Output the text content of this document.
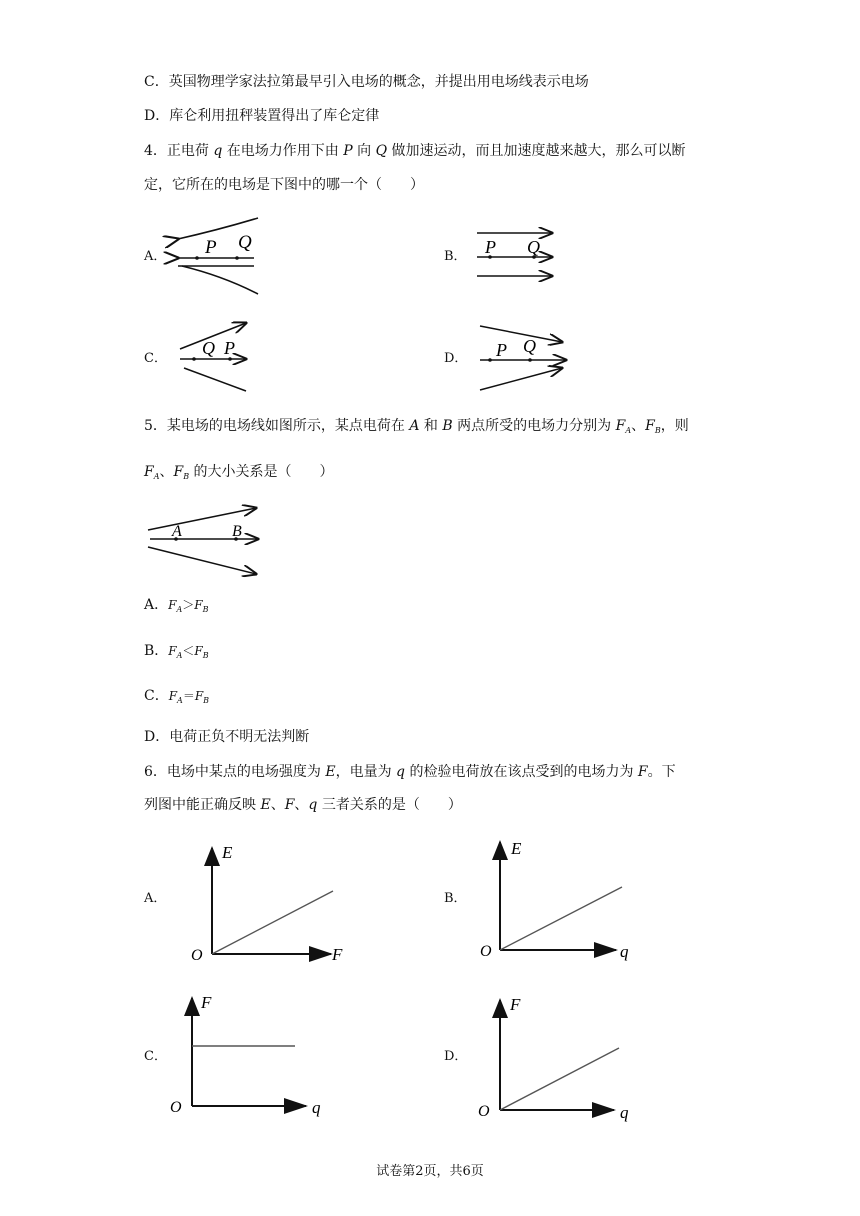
C．英国物理学家法拉第最早引入电场的概念，并提出用电场线表示电场
D．库仑利用扭秤装置得出了库仑定律
4．正电荷 q 在电场力作用下由 P 向 Q 做加速运动，而且加速度越来越大，那么可以断
定，它所在的电场是下图中的哪一个（　　）
A．	B．
C．	D．
P Q	P Q
Q P	P Q
5．某电场的电场线如图所示，某点电荷在 A 和 B 两点所受的电场力分别为 $F_A$、$F_B$，则
$F_A$、$F_B$ 的大小关系是（　　）
A	B
A．$F_A>F_B$
B．$F_A<F_B$
C．$F_A=F_B$
D．电荷正负不明无法判断
6．电场中某点的电场强度为 E，电量为 q 的检验电荷放在该点受到的电场力为 F。下
列图中能正确反映 E、F、q 三者关系的是（　　）
A．	B．
C．	D．
E
F
O
E
q
O
F
q
O
F
q
O
试卷第2页，共6页
